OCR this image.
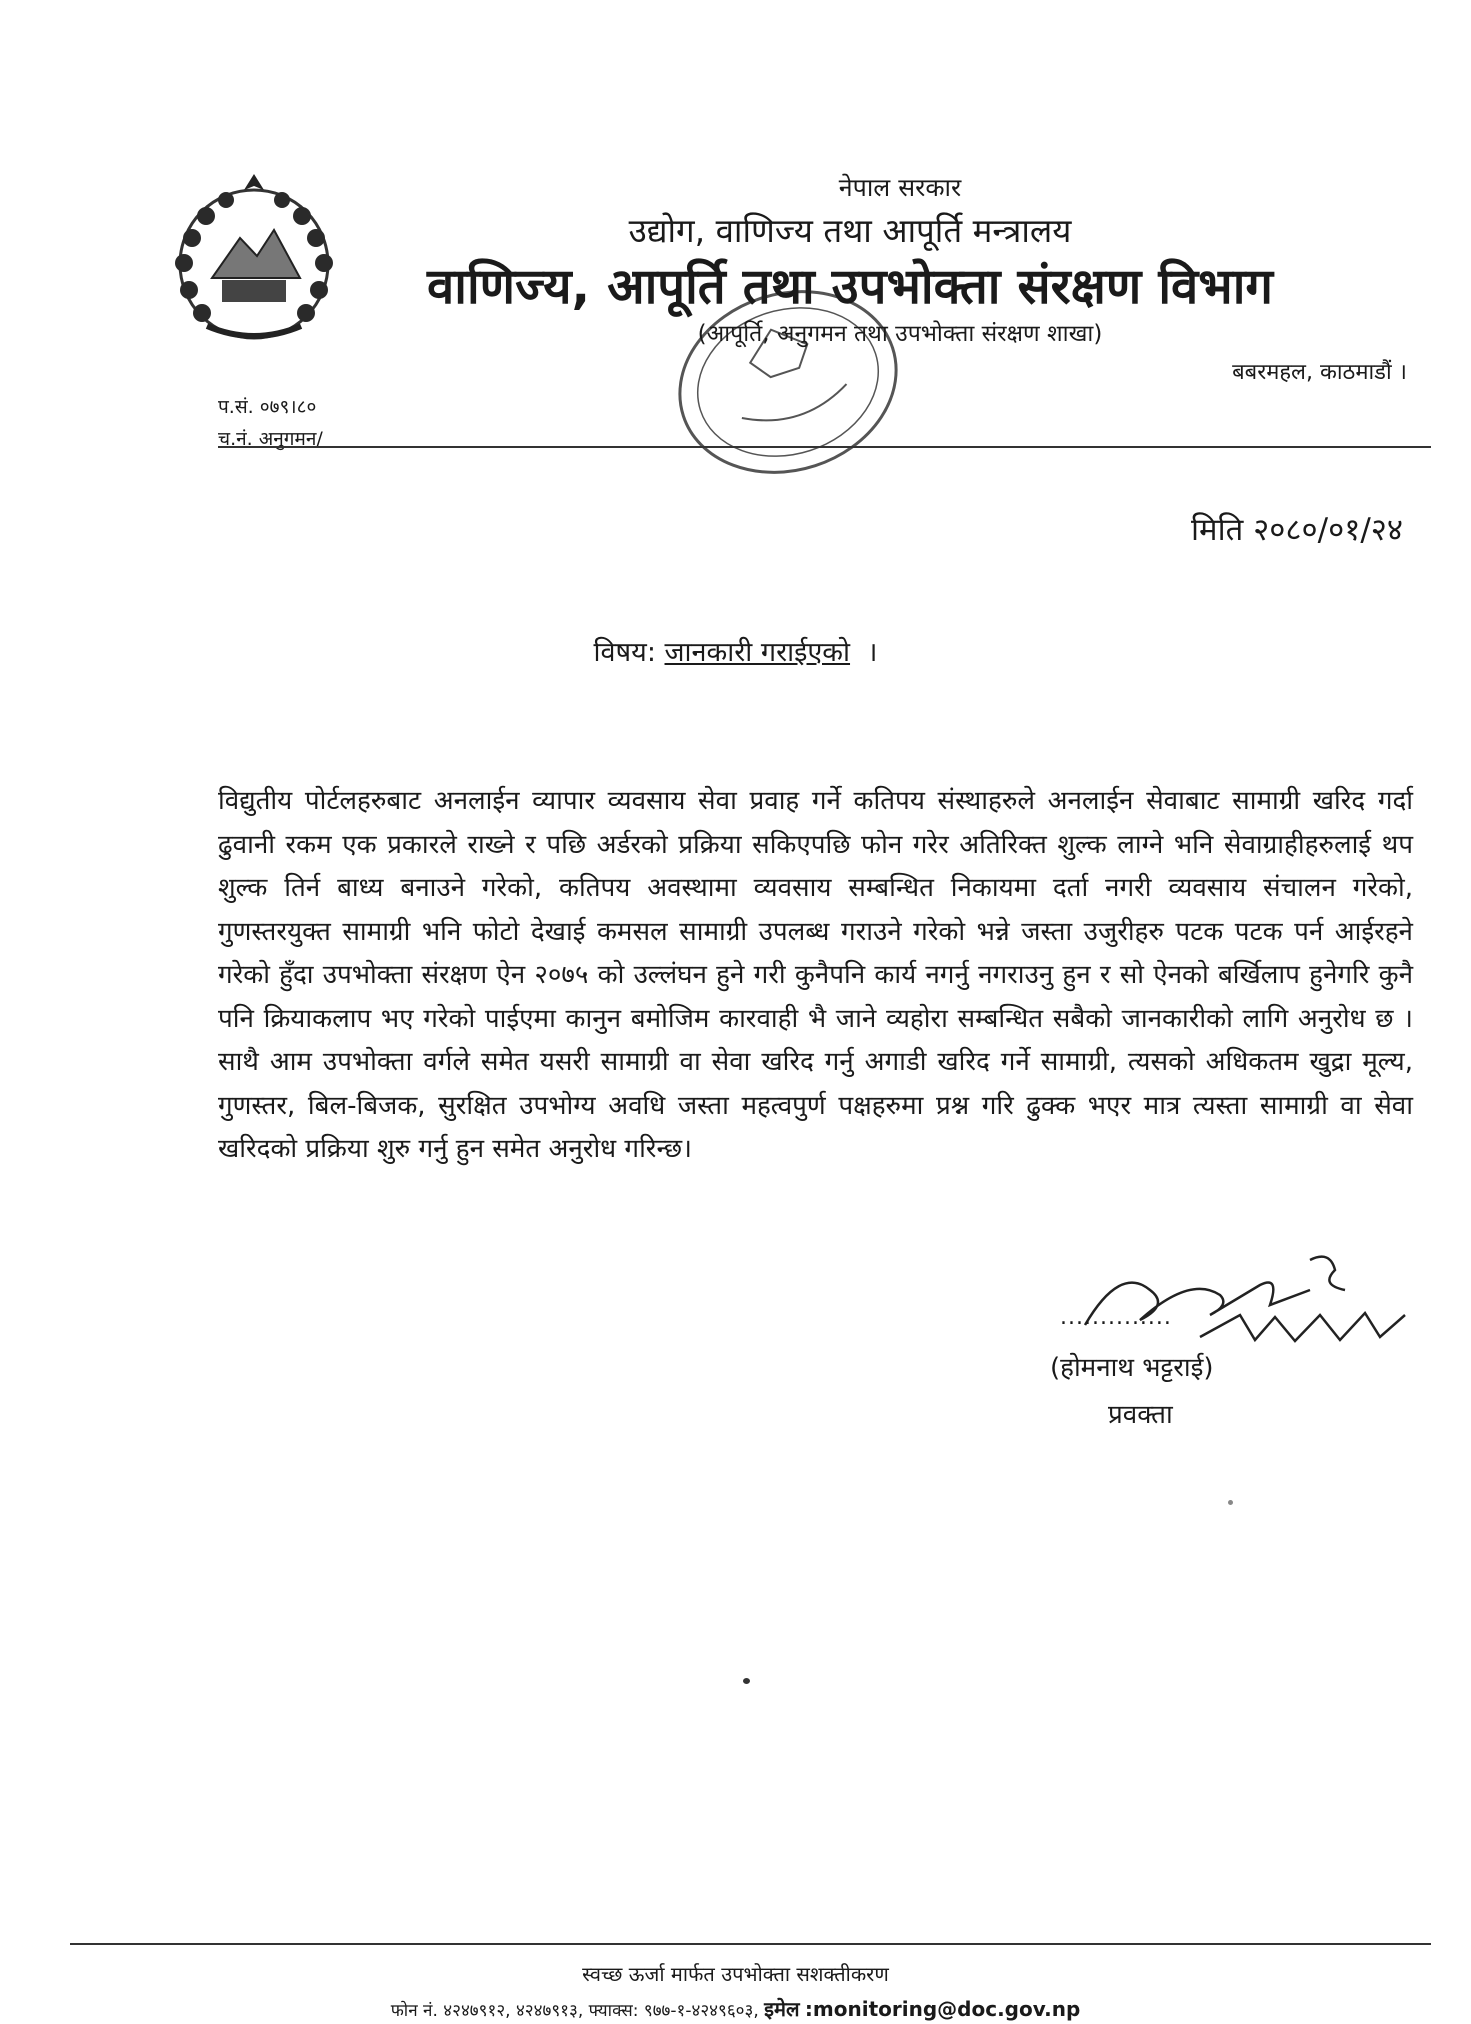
नेपाल सरकार
उद्योग, वाणिज्य तथा आपूर्ति मन्त्रालय
वाणिज्य, आपूर्ति तथा उपभोक्ता संरक्षण विभाग
(आपूर्ति, अनुगमन तथा उपभोक्ता संरक्षण शाखा)
बबरमहल, काठमाडौं ।
प.सं. ०७९।८०
च.नं. अनुगमन/
मिति २०८०/०१/२४
विषय: जानकारी गराईएको ।
विद्युतीय पोर्टलहरुबाट अनलाईन व्यापार व्यवसाय सेवा प्रवाह गर्ने कतिपय संस्थाहरुले अनलाईन सेवाबाट सामाग्री खरिद गर्दा ढुवानी रकम एक प्रकारले राख्ने र पछि अर्डरको प्रक्रिया सकिएपछि फोन गरेर अतिरिक्त शुल्क लाग्ने भनि सेवाग्राहीहरुलाई थप शुल्क तिर्न बाध्य बनाउने गरेको, कतिपय अवस्थामा व्यवसाय सम्बन्धित निकायमा दर्ता नगरी व्यवसाय संचालन गरेको, गुणस्तरयुक्त सामाग्री भनि फोटो देखाई कमसल सामाग्री उपलब्ध गराउने गरेको भन्ने जस्ता उजुरीहरु पटक पटक पर्न आईरहने गरेको हुँदा उपभोक्ता संरक्षण ऐन २०७५ को उल्लंघन हुने गरी कुनैपनि कार्य नगर्नु नगराउनु हुन र सो ऐनको बर्खिलाप हुनेगरि कुनै पनि क्रियाकलाप भए गरेको पाईएमा कानुन बमोजिम कारवाही भै जाने व्यहोरा सम्बन्धित सबैको जानकारीको लागि अनुरोध छ । साथै आम उपभोक्ता वर्गले समेत यसरी सामाग्री वा सेवा खरिद गर्नु अगाडी खरिद गर्ने सामाग्री, त्यसको अधिकतम खुद्रा मूल्य, गुणस्तर, बिल-बिजक, सुरक्षित उपभोग्य अवधि जस्ता महत्वपुर्ण पक्षहरुमा प्रश्न गरि ढुक्क भएर मात्र त्यस्ता सामाग्री वा सेवा खरिदको प्रक्रिया शुरु गर्नु हुन समेत अनुरोध गरिन्छ।
..............
(होमनाथ भट्टराई)
प्रवक्ता
स्वच्छ ऊर्जा मार्फत उपभोक्ता सशक्तीकरण
फोन नं. ४२४७९१२, ४२४७९१३, फ्याक्स: ९७७-१-४२४९६०३, इमेल :monitoring@doc.gov.np
